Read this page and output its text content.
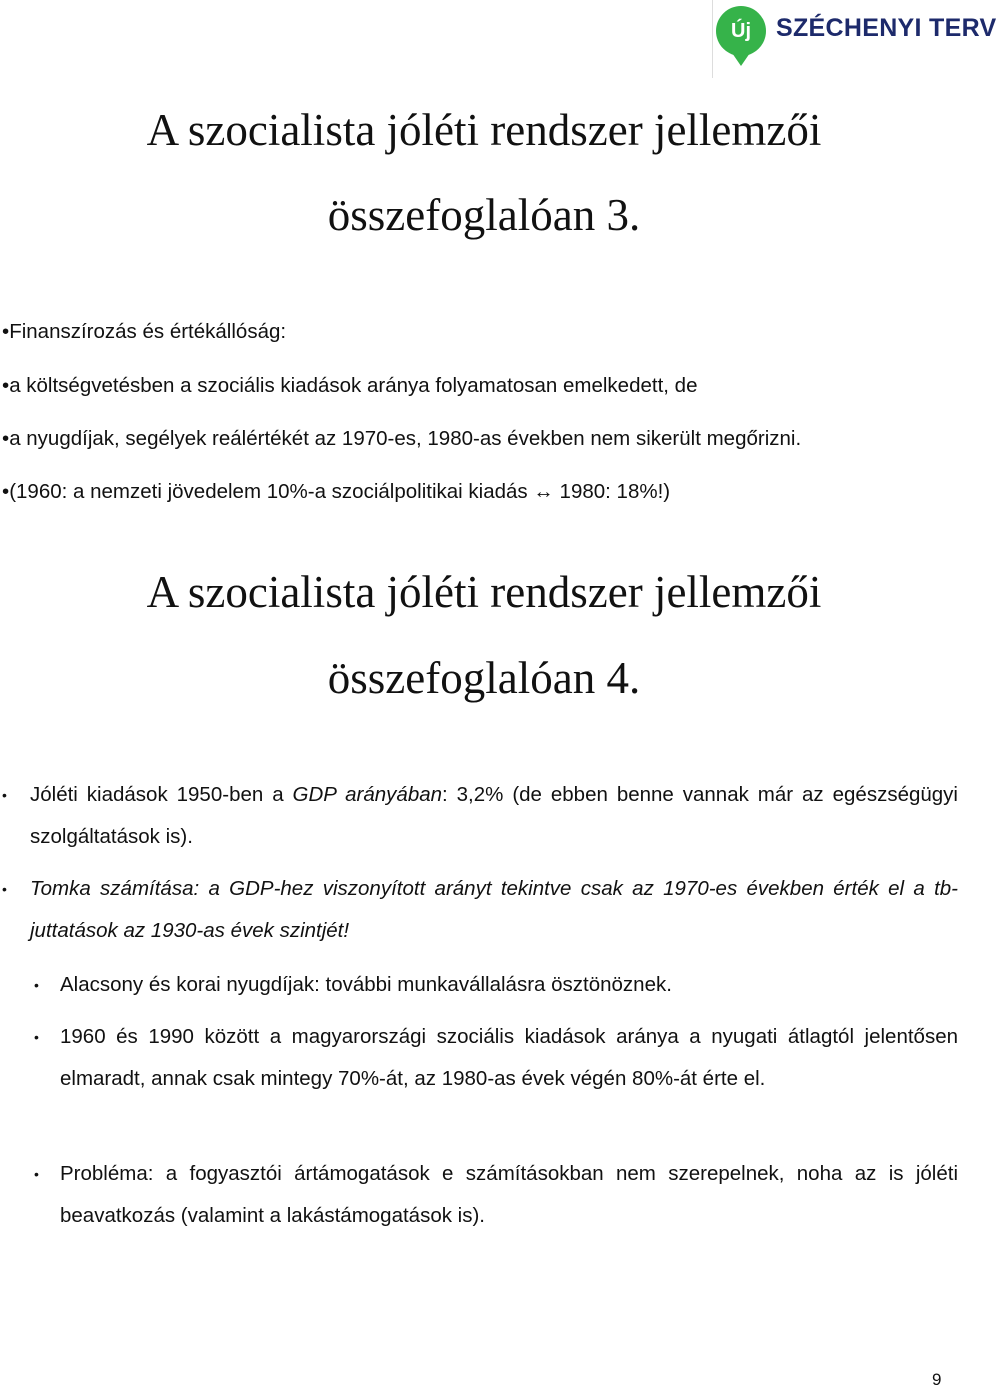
Új	SZÉCHENYI TERV
A szocialista jóléti rendszer jellemzői
összefoglalóan 3.
•Finanszírozás és értékállóság:
•a költségvetésben a szociális kiadások aránya folyamatosan emelkedett, de
•a nyugdíjak, segélyek reálértékét az 1970-es, 1980-as években nem sikerült megőrizni.
•(1960: a nemzeti jövedelem 10%-a szociálpolitikai kiadás ↔ 1980: 18%!)
A szocialista jóléti rendszer jellemzői
összefoglalóan 4.
• Jóléti kiadások 1950-ben a GDP arányában: 3,2% (de ebben benne vannak már az egészségügyi szolgáltatások is).
• Tomka számítása: a GDP-hez viszonyított arányt tekintve csak az 1970-es években érték el a tb-juttatások az 1930-as évek szintjét!
• Alacsony és korai nyugdíjak: további munkavállalásra ösztönöznek.
• 1960 és 1990 között a magyarországi szociális kiadások aránya a nyugati átlagtól jelentősen elmaradt, annak csak mintegy 70%-át, az 1980-as évek végén 80%-át érte el.
• Probléma: a fogyasztói ártámogatások e számításokban nem szerepelnek, noha az is jóléti beavatkozás (valamint a lakástámogatások is).
9
